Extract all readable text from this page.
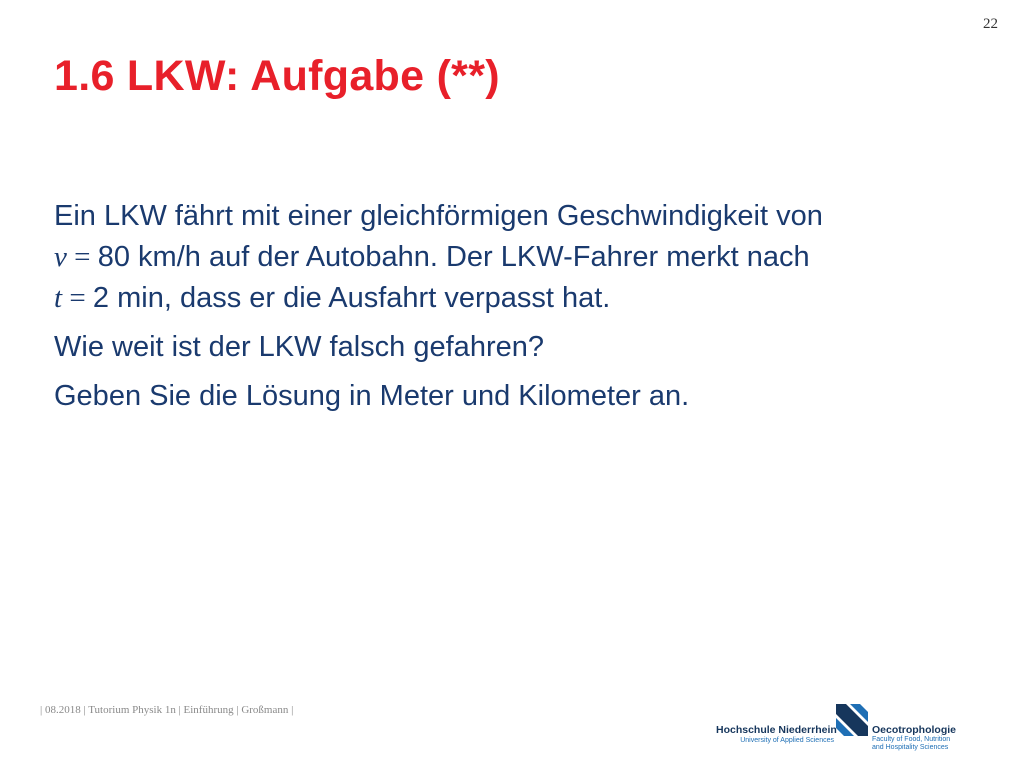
22
1.6 LKW: Aufgabe (**)

Ein LKW fährt mit einer gleichförmigen Geschwindigkeit von
v = 80 km/h auf der Autobahn. Der LKW-Fahrer merkt nach
t = 2 min, dass er die Ausfahrt verpasst hat.

Wie weit ist der LKW falsch gefahren?

Geben Sie die Lösung in Meter und Kilometer an.

| 08.2018 | Tutorium Physik 1n | Einführung | Großmann |
Hochschule Niederrhein
University of Applied Sciences
Oecotrophologie
Faculty of Food, Nutrition
and Hospitality Sciences
